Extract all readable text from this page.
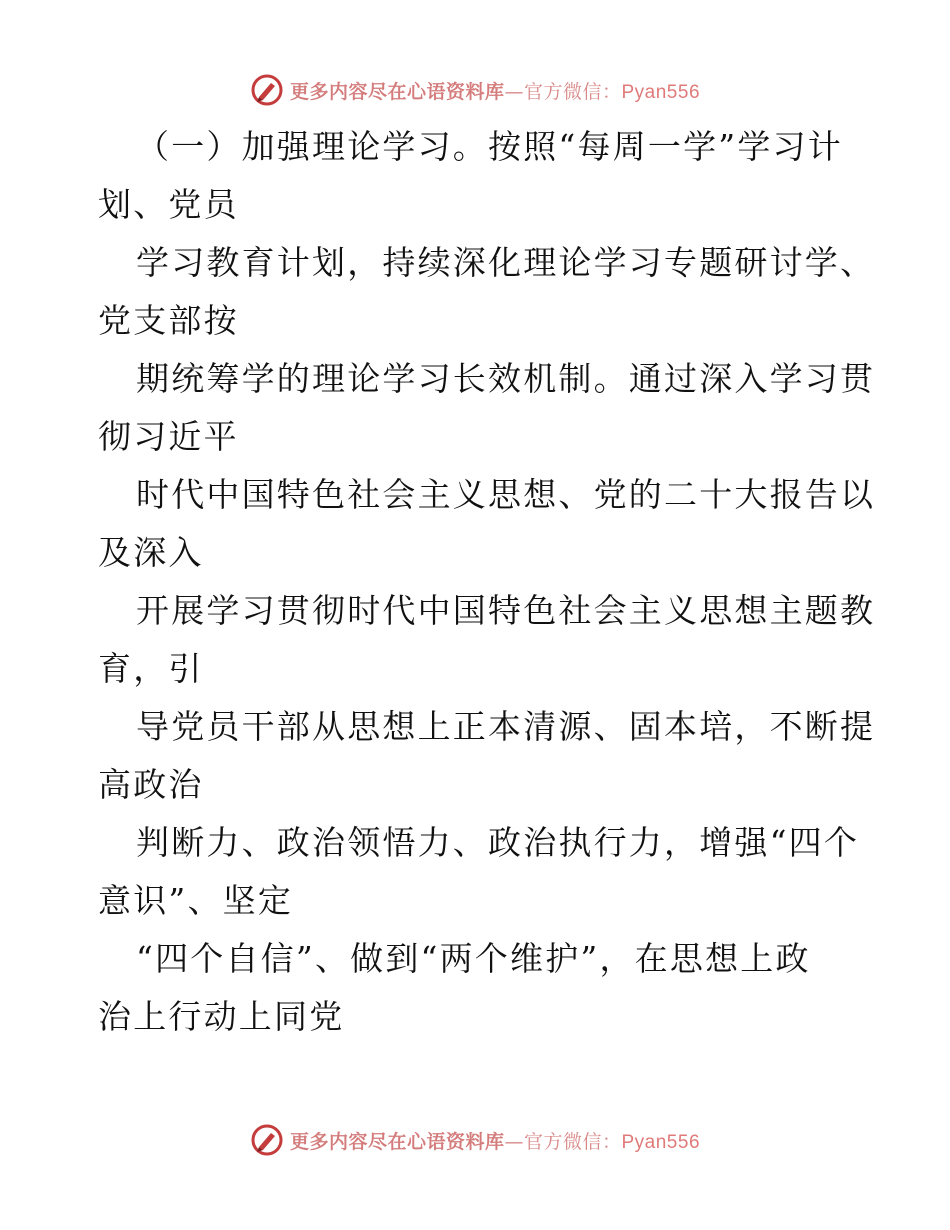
更多内容尽在心语资料库—官方微信：Pyan556

（一）加强理论学习。按照“每周一学”学习计
划、党员

学习教育计划，持续深化理论学习专题研讨学、
党支部按

期统筹学的理论学习长效机制。通过深入学习贯
彻习近平

时代中国特色社会主义思想、党的二十大报告以
及深入

开展学习贯彻时代中国特色社会主义思想主题教
育，引

导党员干部从思想上正本清源、固本培，不断提
高政治

判断力、政治领悟力、政治执行力，增强“四个
意识”、坚定

“四个自信”、做到“两个维护”，在思想上政
治上行动上同党

更多内容尽在心语资料库—官方微信：Pyan556
